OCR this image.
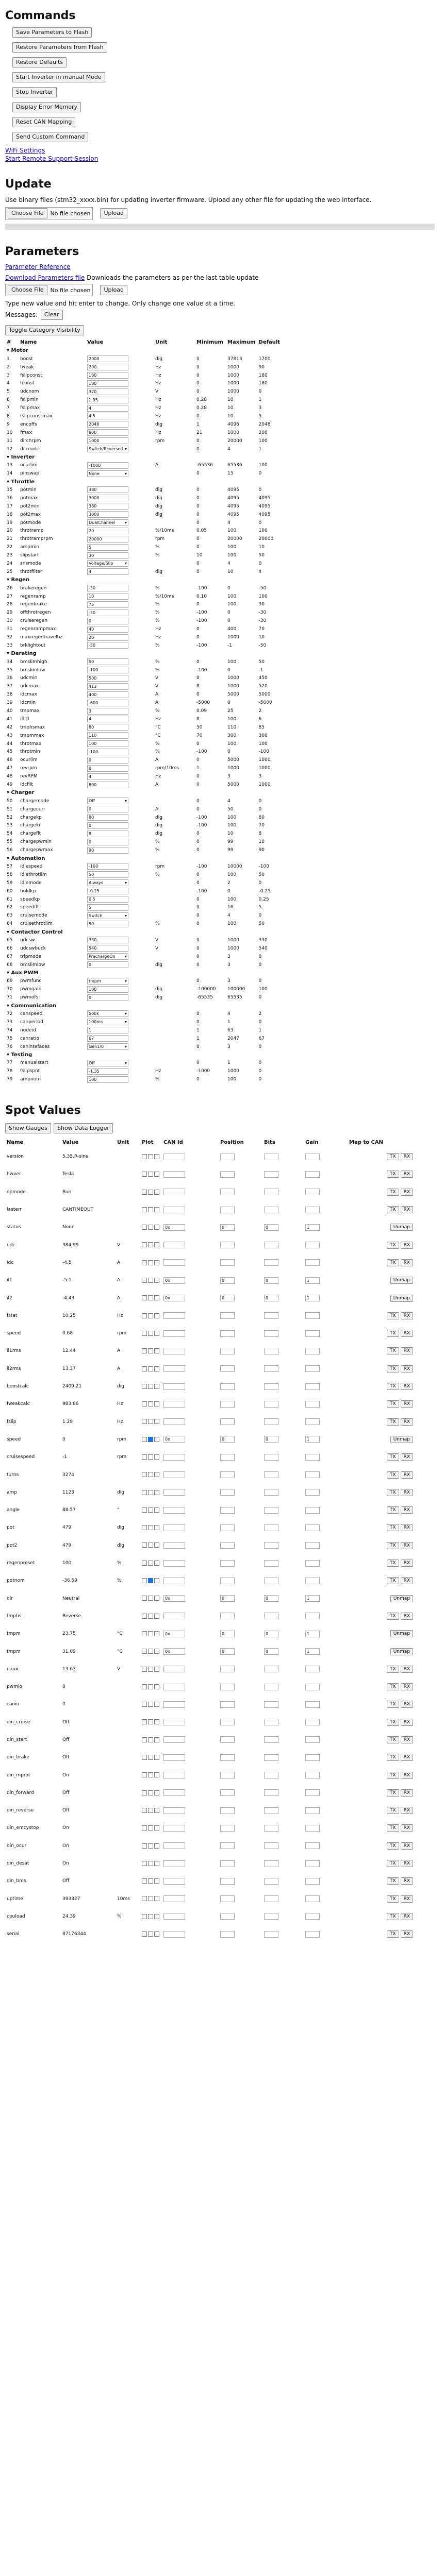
Commands
Save Parameters to Flash
Restore Parameters from Flash
Restore Defaults
Start Inverter in manual Mode
Stop Inverter
Display Error Memory
Reset CAN Mapping
Send Custom Command
WiFi Settings
Start Remote Support Session
Update
Use binary files (stm32_xxxx.bin) for updating inverter firmware. Upload any other file for updating the web interface.
Choose File	No file chosen	Upload
Parameters
Parameter Reference
Download Parameters file Downloads the parameters as per the last table update
Choose File	No file chosen	Upload
Type new value and hit enter to change. Only change one value at a time.
Messages:	Clear
Toggle Category Visibility
#	Name	Value	Unit	Minimum	Maximum	Default
▾ Motor						
1	boost	2000	dig	0	37813	1700
2	fweak	200	Hz	0	1000	90
3	fslipconst	180	Hz	0	1000	180
4	fconst	180	Hz	0	1000	180
5	udcnom	370	V	0	1000	0
6	fslipmin	1.35	Hz	0.28	10	1
7	fslipmax	4	Hz	0.28	10	3
8	fslipconstmax	4.5	Hz	0	10	5
9	encoffs	2048	dig	1	4096	2048
10	fmax	800	Hz	21	1000	200
11	dirchrpm	1000	rpm	0	20000	100
12	dirmode	Switch/Reversed ▾		0	4	1
▾ Inverter						
13	ocurlim	-1000	A	-65536	65536	100
14	pinswap	None ▾		0	15	0
▾ Throttle						
15	potmin	380	dig	0	4095	0
16	potmax	3000	dig	0	4095	4095
17	pot2min	380	dig	0	4095	4095
18	pot2max	3000	dig	0	4095	4095
19	potmode	DualChannel ▾		0	4	0
20	throtramp	20	%/10ms	0.05	100	100
21	throtramprpm	20000	rpm	0	20000	20000
22	ampmin	5	%	0	100	10
23	slipstart	30	%	10	100	50
24	snsmode	Voltage/Slip ▾		0	4	0
25	throtfilter	4	dig	0	10	4
▾ Regen						
26	brakeregen	-30	%	-100	0	-50
27	regenramp	10	%/10ms	0.10	100	100
28	regenbrake	75	%	0	100	30
29	offthrotregen	-30	%	-100	0	-30
30	cruiseregen	0	%	-100	0	-30
31	regenrampmax	40	Hz	0	400	70
32	maxregentravelhz	20	Hz	0	1000	10
33	brklightout	-50	%	-100	-1	-50
▾ Derating						
34	bmslimhigh	50	%	0	100	50
35	bmslimlow	-100	%	-100	0	-1
36	udcmin	500	V	0	1000	450
37	udcmax	413	V	0	1000	520
38	idcmax	400	A	0	5000	5000
39	idcmin	-600	A	-5000	0	-5000
40	tmpmax	3	%	0.09	25	2
41	ifltfl	4	Hz	0	100	6
42	tmphsmax	80	°C	50	110	85
43	tmpmmax	110	°C	70	300	300
44	throtmax	100	%	0	100	100
45	throtmin	-100	%	-100	0	-100
46	ocurlim	0	A	0	5000	1000
47	revrpm	0	rpm/10ms	1	1000	1000
48	revRPM	4	Hz	0	3	3
49	idcfilt	800	A	0	5000	1000
▾ Charger						
50	chargemode	Off ▾		0	4	0
51	chargecurr	0	A	0	50	0
52	chargekp	80	dig	-100	100	80
53	chargeki	0	dig	-100	100	70
54	chargeflt	8	dig	0	10	8
55	chargepwmin	0	%	0	99	10
56	chargepwmax	90	%	0	99	90
▾ Automation						
57	idlespeed	-100	rpm	-100	10000	-100
58	idlethrotlim	50	%	0	100	50
59	idlemode	Always ▾		0	2	0
60	holdkp	-0.25		-100	0	-0.25
61	speedkp	0.5		0	100	0.25
62	speedflt	5		0	16	5
63	cruisemode	Switch ▾		0	4	0
64	cruisethrotlim	50	%	0	100	50
▾ Contactor Control						
65	udcsw	330	V	0	1000	330
66	udcswbuck	540	V	0	1000	540
67	tripmode	PrechargeOn ▾		0	3	0
68	bmslimlow	0	dig	0	3	0
▾ Aux PWM						
69	pwmfunc	tmpm ▾		0	3	0
70	pwmgain	100	dig	-100000	100000	100
71	pwmofs	0	dig	-65535	65535	0
▾ Communication						
72	canspeed	500k ▾		0	4	2
73	canperiod	100ms ▾		0	1	0
74	nodeid	1		1	63	1
75	canratio	67		1	2047	67
76	canintefaces	Gen1/0 ▾		0	3	0
▾ Testing						
77	manualstart	Off ▾		0	1	0
78	fslipspnt	-1.35	Hz	-1000	1000	0
79	ampnom	100	%	0	100	0
Spot Values
Show Gauges Show Data Logger
Name	Value	Unit	Plot	CAN Id	Position	Bits	Gain	Map to CAN
version	5.35.R-sine							TX RX
hwver	Tesla							TX RX
opmode	Run							TX RX
lasterr	CANTIMEOUT							TX RX
status	None			0x	0	0	1	Unmap
udc	384.99	V						TX RX
idc	-4.5	A						TX RX
il1	-5.1	A		0x	0	0	1	Unmap
il2	-4.43	A		0x	0	0	1	Unmap
fstat	10.25	Hz						TX RX
speed	0.68	rpm						TX RX
il1rms	12.44	A						TX RX
il2rms	13.37	A						TX RX
boostcalc	2409.21	dig						TX RX
fweakcalc	983.86	Hz						TX RX
fslip	1.29	Hz						TX RX
speed	0	rpm		0x	0	0	1	Unmap
cruisespeed	-1	rpm						TX RX
turns	3274							TX RX
amp	1123	dig						TX RX
angle	88.57	°						TX RX
pot	479	dig						TX RX
pot2	479	dig						TX RX
regenpreset	100	%						TX RX
potnom	-36.59	%						TX RX
dir	Neutral			0x	0	0	1	Unmap
tmphs	Reverse							TX RX
tmpm	23.75	°C		0x	0	0	1	Unmap
tmpm	31.09	°C		0x	0	0	1	Unmap
uaux	13.63	V						TX RX
pwmio	0							TX RX
canio	0							TX RX
din_cruise	Off							TX RX
din_start	Off							TX RX
din_brake	Off							TX RX
din_mprot	On							TX RX
din_forward	Off							TX RX
din_reverse	Off							TX RX
din_emcystop	On							TX RX
din_ocur	On							TX RX
din_desat	On							TX RX
din_bms	Off							TX RX
uptime	393327	10ms						TX RX
cpuload	24.39	%						TX RX
serial	87176344							TX RX
